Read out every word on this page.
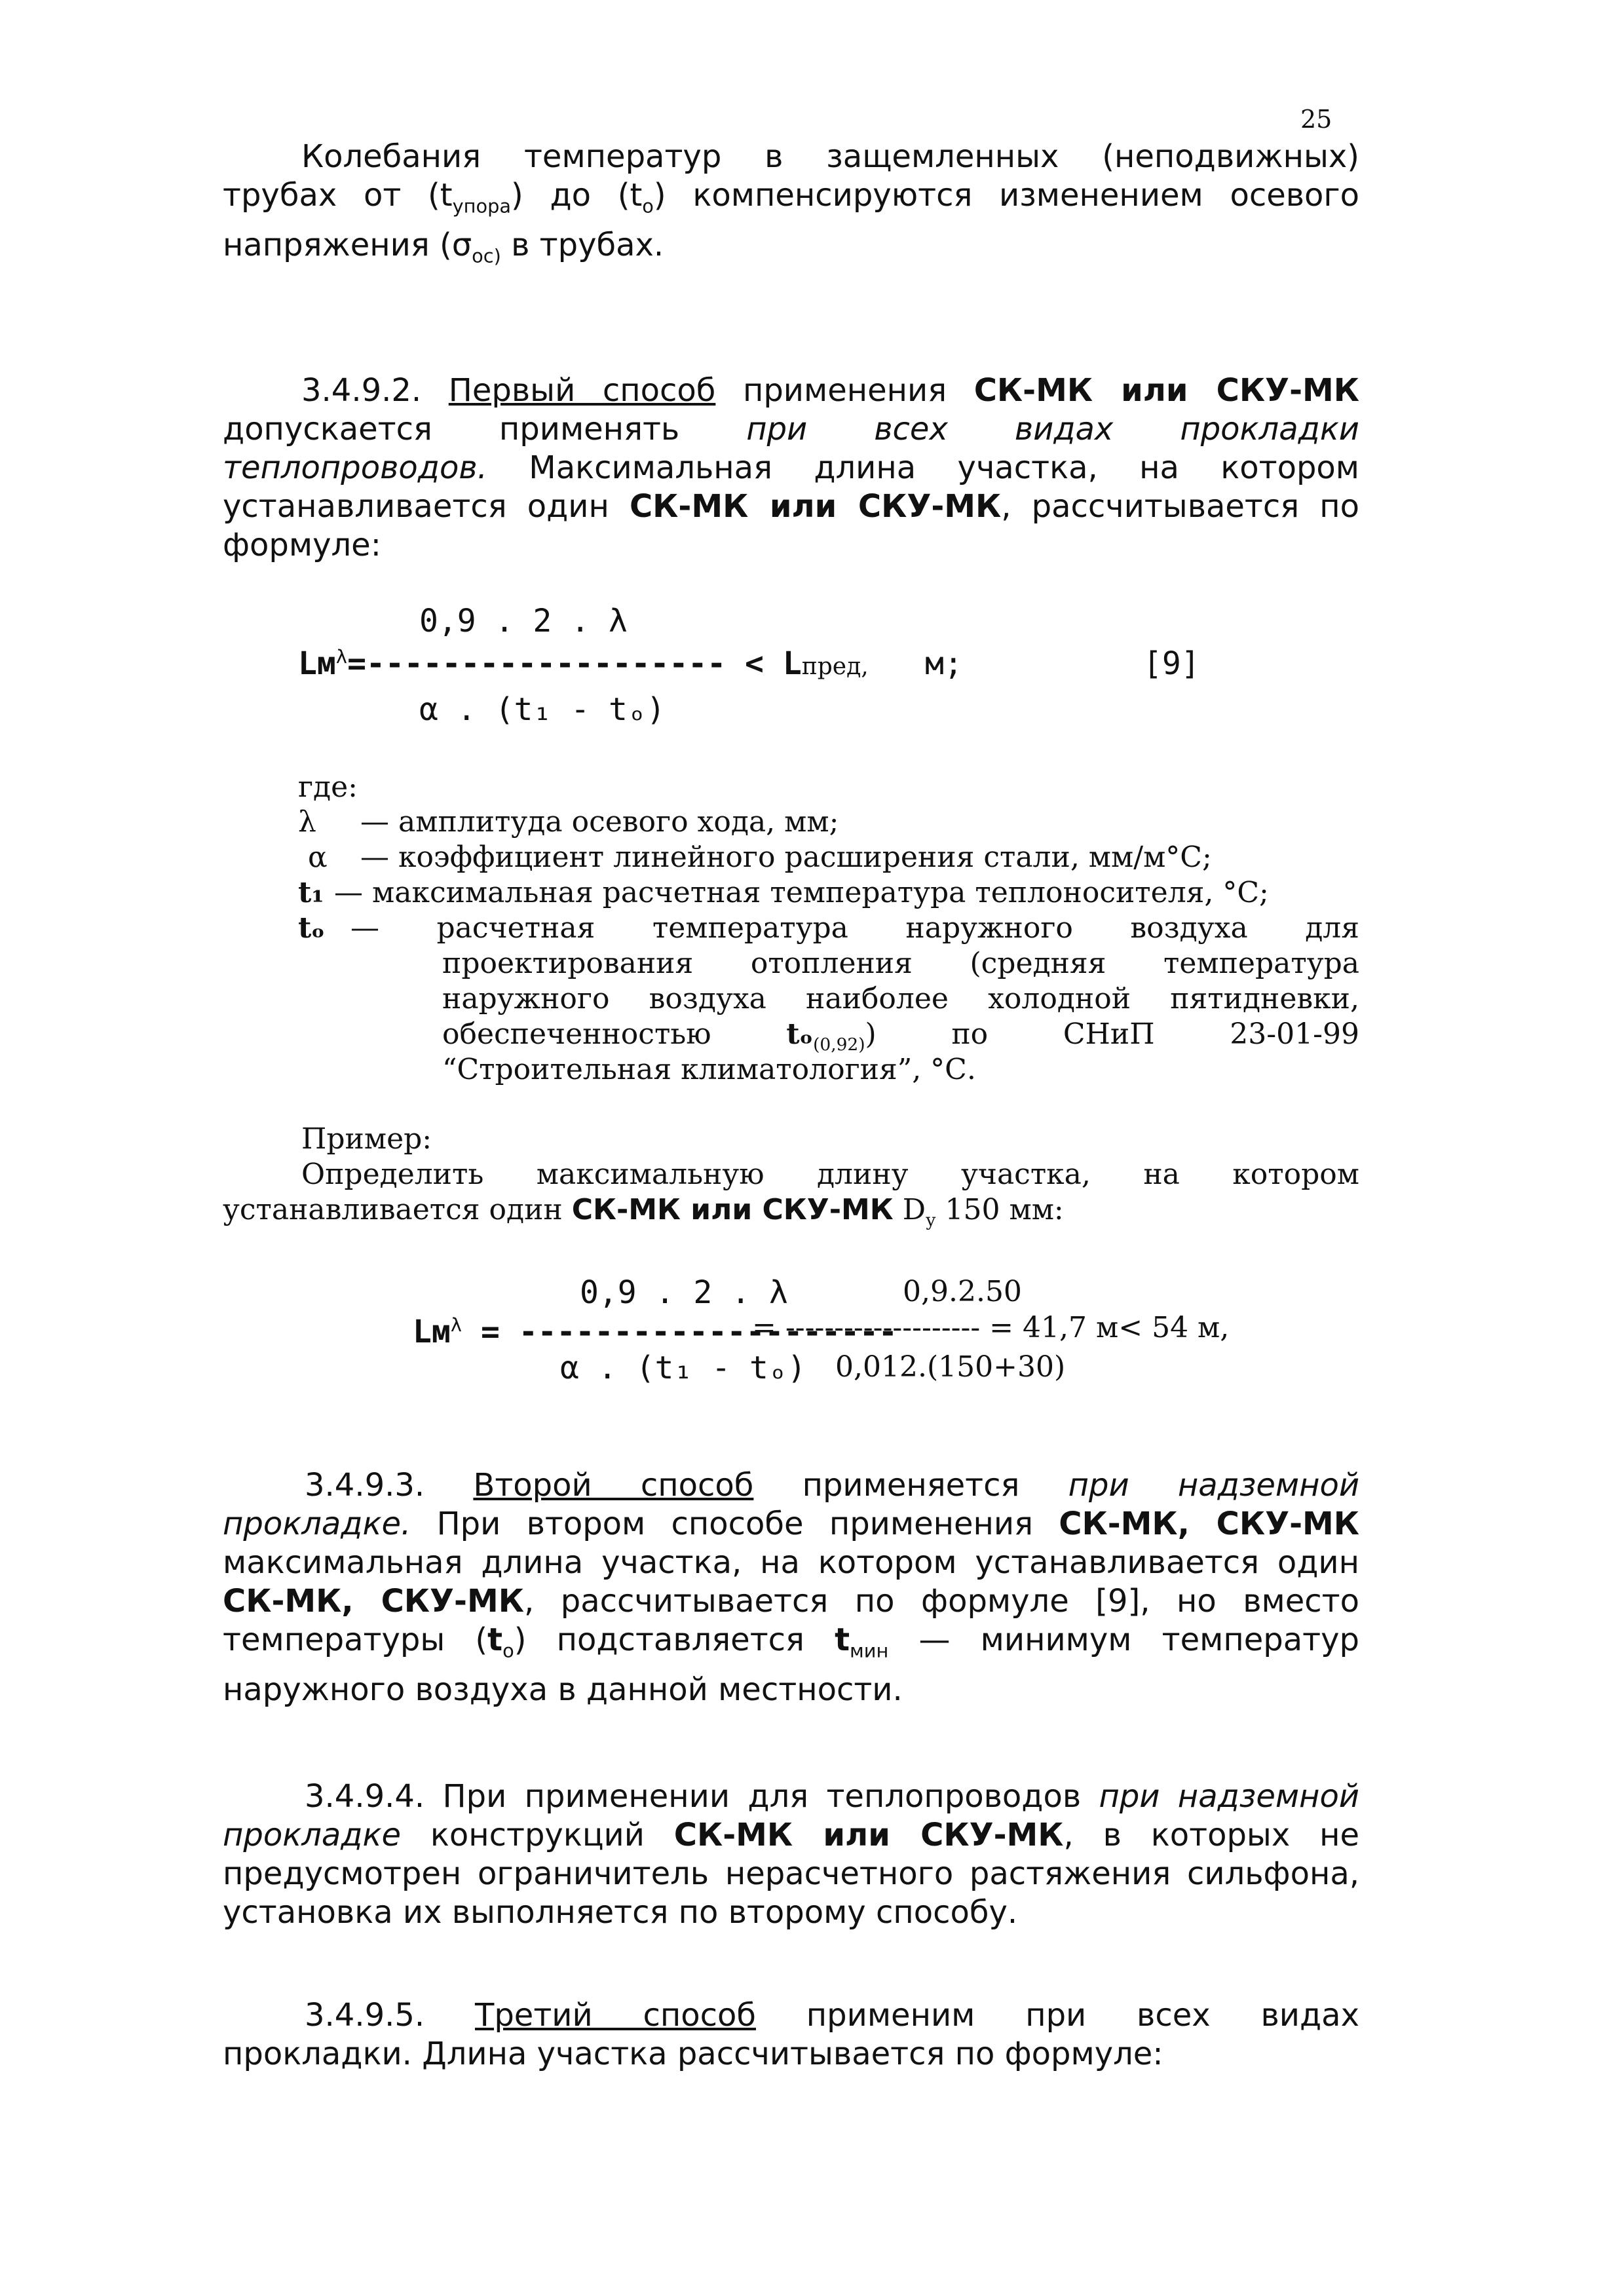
25
Колебания температур в защемленных (неподвижных)
трубах от $(t_{упора})$ до $(t_о)$ компенсируются изменением осевого
напряжения ($\sigma_{ос)}$ в трубах.
3.4.9.2. Первый способ применения СК-МК или СКУ-МК
допускается применять при всех видах прокладки
теплопроводов. Максимальная длина участка, на котором
устанавливается один СК-МК или СКУ-МК, рассчитывается по
формуле:
0,9 . 2 . λ
$Lм^\lambda=-------------------$ < Lпред, м;	[9]
α . (t₁ - tₒ)
где:
λ — амплитуда осевого хода, мм;
α — коэффициент линейного расширения стали, мм/м°С;
t₁ — максимальная расчетная температура теплоносителя, °С;
tₒ — расчетная температура наружного воздуха для
проектирования отопления (средняя температура
наружного воздуха наиболее холодной пятидневки,
обеспеченностью	tₒ$_{(0,92)}$) по СНиП 23-01-99
“Строительная климатология”, °С.
Пример:
Определить максимальную длину участка, на котором
устанавливается один СК-МК или СКУ-МК $D_у$ 150 мм:
0,9 . 2 . λ	0,9.2.50
$Lм^\lambda$ = --------------------
= -------------------- = 41,7 м< 54 м,
α . (t₁ - tₒ) 0,012.(150+30)
3.4.9.3. Второй способ применяется при надземной
прокладке. При втором способе применения СК-МК, СКУ-МК
максимальная длина участка, на котором устанавливается один
СК-МК, СКУ-МК, рассчитывается по формуле [9], но вместо
температуры $(t_о)$ подставляется $t_{мин}$ — минимум температур
наружного воздуха в данной местности.
3.4.9.4. При применении для теплопроводов при надземной
прокладке конструкций СК-МК или СКУ-МК, в которых не
предусмотрен ограничитель нерасчетного растяжения сильфона,
установка их выполняется по второму способу.
3.4.9.5. Третий способ применим при всех видах
прокладки. Длина участка рассчитывается по формуле:
